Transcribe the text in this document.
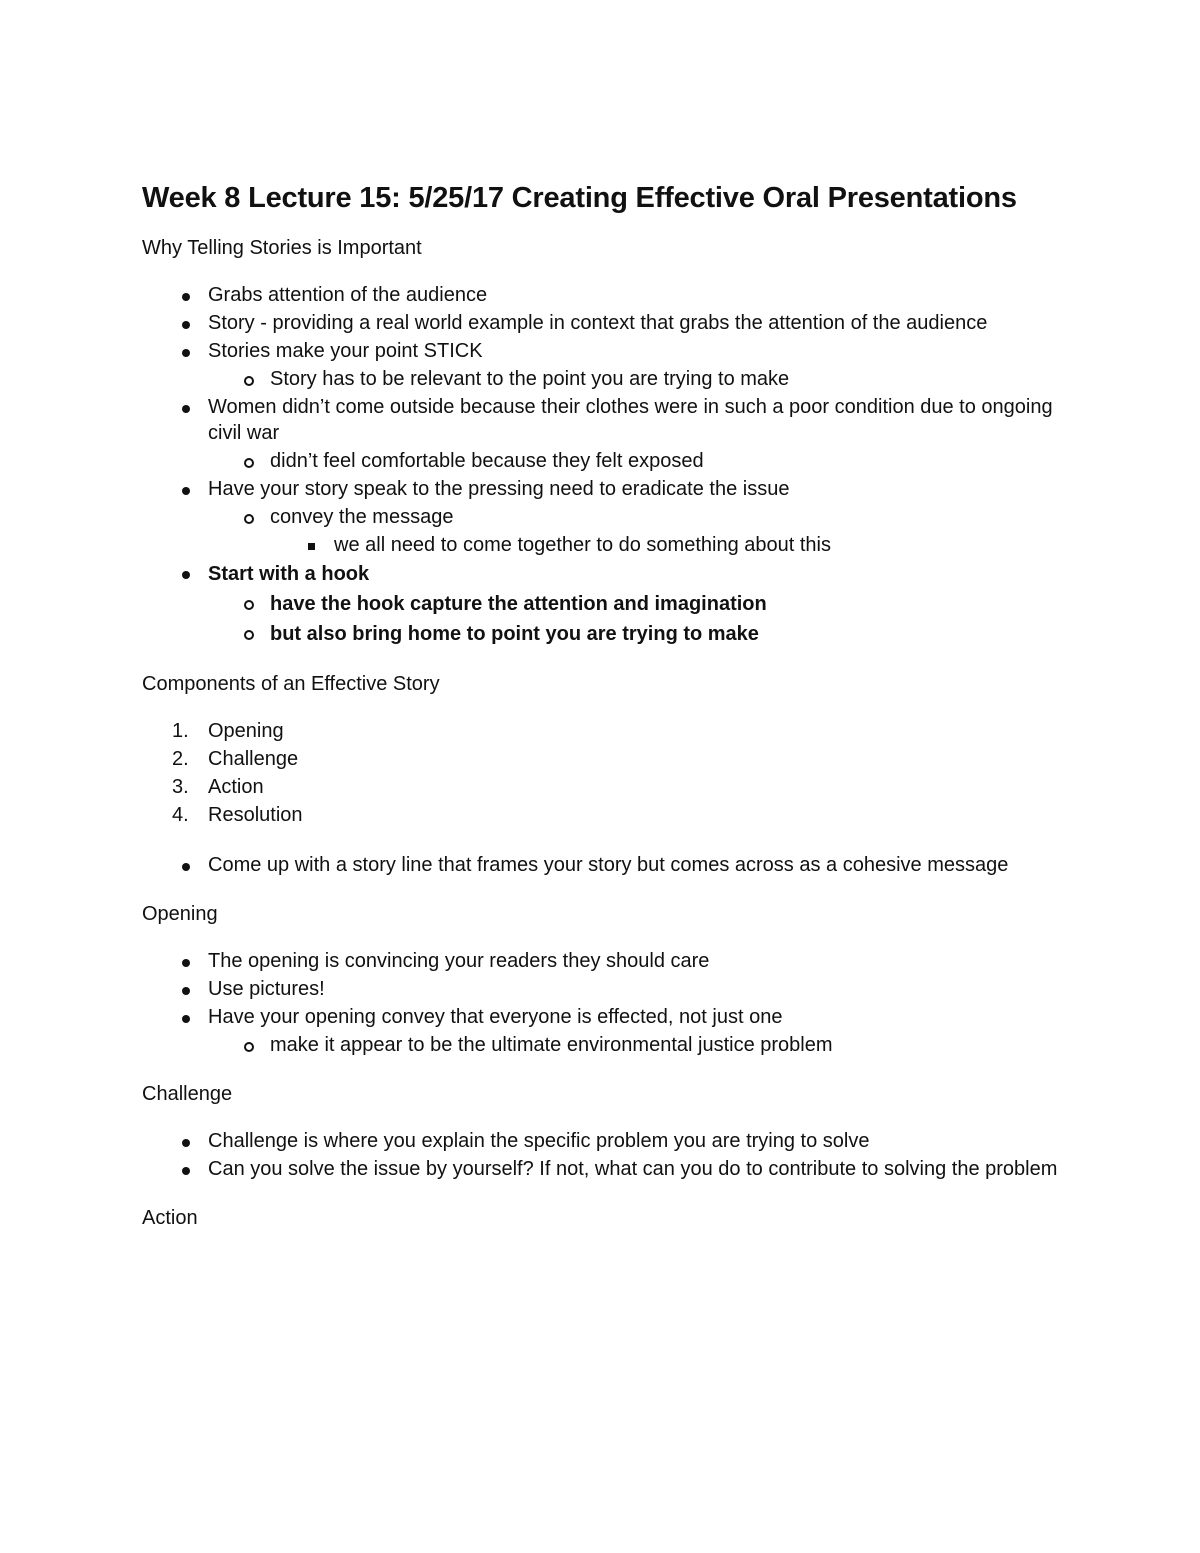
Week 8 Lecture 15: 5/25/17 Creating Effective Oral Presentations
Why Telling Stories is Important
Grabs attention of the audience
Story - providing a real world example in context that grabs the attention of the audience
Stories make your point STICK
Story has to be relevant to the point you are trying to make
Women didn’t come outside because their clothes were in such a poor condition due to ongoing civil war
didn’t feel comfortable because they felt exposed
Have your story speak to the pressing need to eradicate the issue
convey the message
we all need to come together to do something about this
Start with a hook
have the hook capture the attention and imagination
but also bring home to point you are trying to make
Components of an Effective Story
1. Opening
2. Challenge
3. Action
4. Resolution
Come up with a story line that frames your story but comes across as a cohesive message
Opening
The opening is convincing your readers they should care
Use pictures!
Have your opening convey that everyone is effected, not just one
make it appear to be the ultimate environmental justice problem
Challenge
Challenge is where you explain the specific problem you are trying to solve
Can you solve the issue by yourself? If not, what can you do to contribute to solving the problem
Action
